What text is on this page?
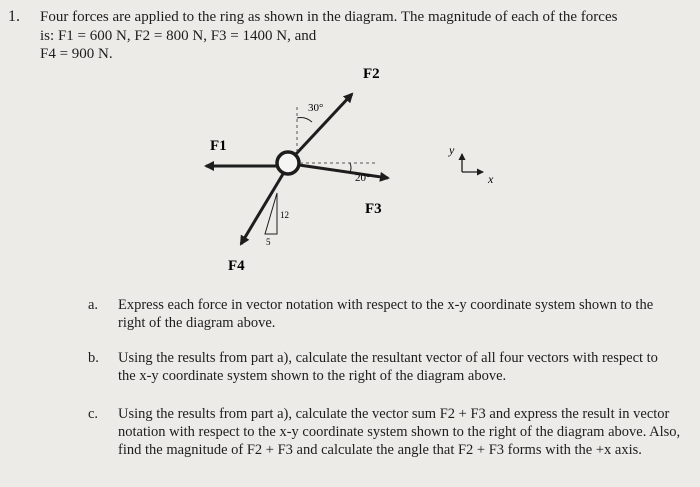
1. Four forces are applied to the ring as shown in the diagram. The magnitude of each of the forces
is: F1 = 600 N, F2 = 800 N, F3 = 1400 N, and
F4 = 900 N.
30°
20°
12
5
F1
F2
F3
F4
y
x
a. Express each force in vector notation with respect to the x-y coordinate system shown to the right of the diagram above.
b. Using the results from part a), calculate the resultant vector of all four vectors with respect to the x-y coordinate system shown to the right of the diagram above.
c. Using the results from part a), calculate the vector sum F2 + F3 and express the result in vector notation with respect to the x-y coordinate system shown to the right of the diagram above. Also, find the magnitude of F2 + F3 and calculate the angle that F2 + F3 forms with the +x axis.
